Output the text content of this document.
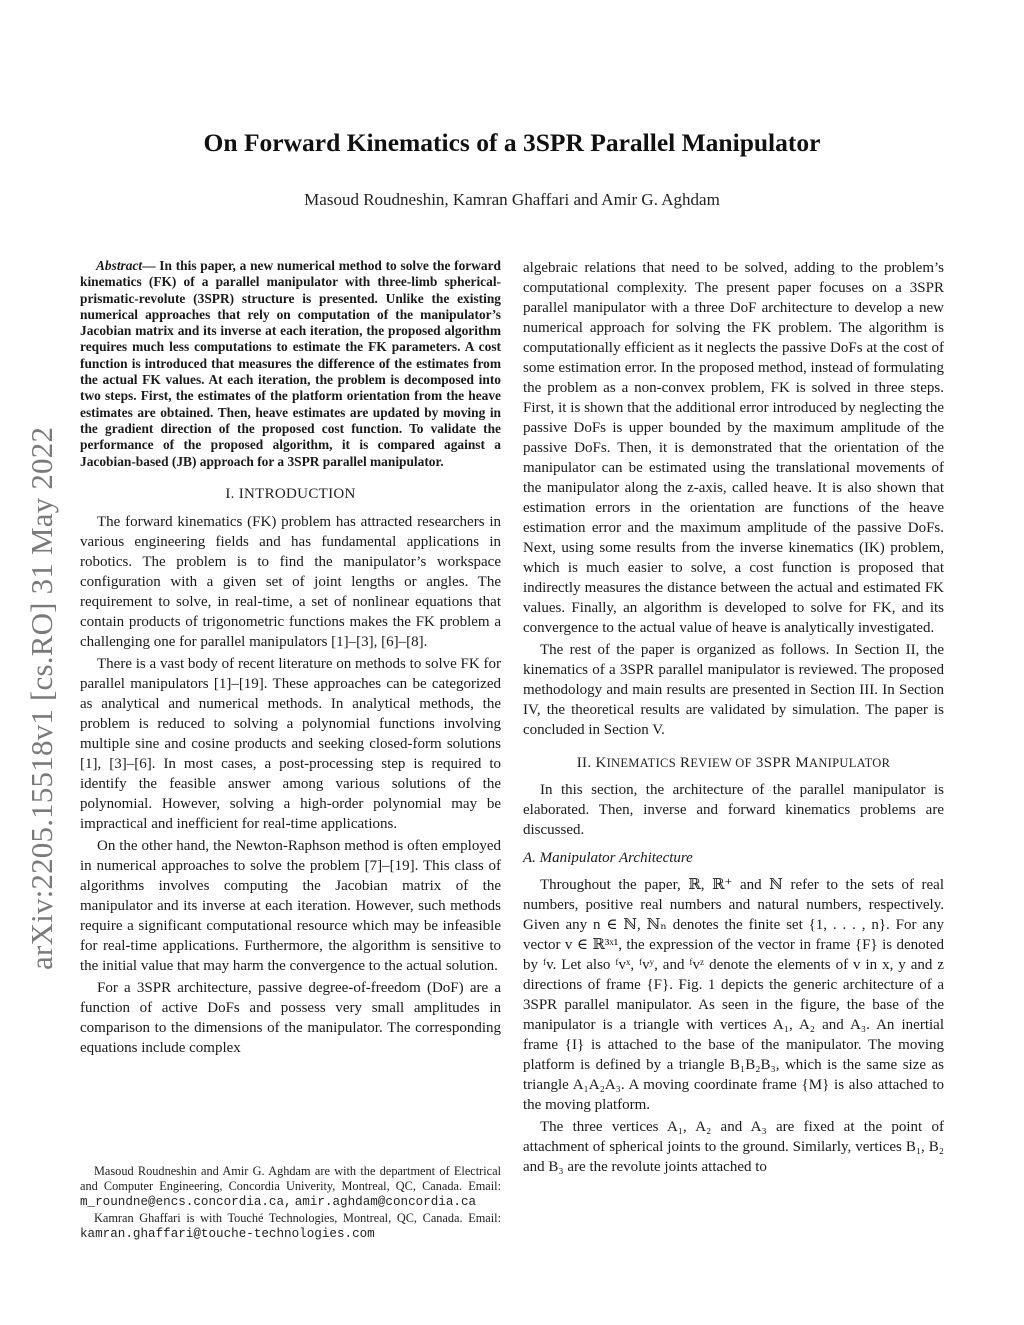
arXiv:2205.15518v1 [cs.RO] 31 May 2022
On Forward Kinematics of a 3SPR Parallel Manipulator
Masoud Roudneshin, Kamran Ghaffari and Amir G. Aghdam

Abstract— In this paper, a new numerical method to solve the forward kinematics (FK) of a parallel manipulator with three-limb spherical-prismatic-revolute (3SPR) structure is presented. Unlike the existing numerical approaches that rely on computation of the manipulator’s Jacobian matrix and its inverse at each iteration, the proposed algorithm requires much less computations to estimate the FK parameters. A cost function is introduced that measures the difference of the estimates from the actual FK values. At each iteration, the problem is decomposed into two steps. First, the estimates of the platform orientation from the heave estimates are obtained. Then, heave estimates are updated by moving in the gradient direction of the proposed cost function. To validate the performance of the proposed algorithm, it is compared against a Jacobian-based (JB) approach for a 3SPR parallel manipulator.

I. INTRODUCTION

The forward kinematics (FK) problem has attracted researchers in various engineering fields and has fundamental applications in robotics. The problem is to find the manipulator’s workspace configuration with a given set of joint lengths or angles. The requirement to solve, in real-time, a set of nonlinear equations that contain products of trigonometric functions makes the FK problem a challenging one for parallel manipulators [1]–[3], [6]–[8].

There is a vast body of recent literature on methods to solve FK for parallel manipulators [1]–[19]. These approaches can be categorized as analytical and numerical methods. In analytical methods, the problem is reduced to solving a polynomial functions involving multiple sine and cosine products and seeking closed-form solutions [1], [3]–[6]. In most cases, a post-processing step is required to identify the feasible answer among various solutions of the polynomial. However, solving a high-order polynomial may be impractical and inefficient for real-time applications.

On the other hand, the Newton-Raphson method is often employed in numerical approaches to solve the problem [7]–[19]. This class of algorithms involves computing the Jacobian matrix of the manipulator and its inverse at each iteration. However, such methods require a significant computational resource which may be infeasible for real-time applications. Furthermore, the algorithm is sensitive to the initial value that may harm the convergence to the actual solution.

For a 3SPR architecture, passive degree-of-freedom (DoF) are a function of active DoFs and possess very small amplitudes in comparison to the dimensions of the manipulator. The corresponding equations include complex

Masoud Roudneshin and Amir G. Aghdam are with the department of Electrical and Computer Engineering, Concordia Univerity, Montreal, QC, Canada. Email: m_roundne@encs.concordia.ca, amir.aghdam@concordia.ca

Kamran Ghaffari is with Touché Technologies, Montreal, QC, Canada. Email: kamran.ghaffari@touche-technologies.com

algebraic relations that need to be solved, adding to the problem’s computational complexity. The present paper focuses on a 3SPR parallel manipulator with a three DoF architecture to develop a new numerical approach for solving the FK problem. The algorithm is computationally efficient as it neglects the passive DoFs at the cost of some estimation error. In the proposed method, instead of formulating the problem as a non-convex problem, FK is solved in three steps. First, it is shown that the additional error introduced by neglecting the passive DoFs is upper bounded by the maximum amplitude of the passive DoFs. Then, it is demonstrated that the orientation of the manipulator can be estimated using the translational movements of the manipulator along the z-axis, called heave. It is also shown that estimation errors in the orientation are functions of the heave estimation error and the maximum amplitude of the passive DoFs. Next, using some results from the inverse kinematics (IK) problem, which is much easier to solve, a cost function is proposed that indirectly measures the distance between the actual and estimated FK values. Finally, an algorithm is developed to solve for FK, and its convergence to the actual value of heave is analytically investigated.

The rest of the paper is organized as follows. In Section II, the kinematics of a 3SPR parallel manipulator is reviewed. The proposed methodology and main results are presented in Section III. In Section IV, the theoretical results are validated by simulation. The paper is concluded in Section V.

II. KINEMATICS REVIEW OF 3SPR MANIPULATOR

In this section, the architecture of the parallel manipulator is elaborated. Then, inverse and forward kinematics problems are discussed.

A. Manipulator Architecture

Throughout the paper, ℝ, ℝ⁺ and ℕ refer to the sets of real numbers, positive real numbers and natural numbers, respectively. Given any n ∈ ℕ, ℕₙ denotes the finite set {1, . . . , n}. For any vector v ∈ ℝ³ˣ¹, the expression of the vector in frame {F} is denoted by ᶠv. Let also ᶠvˣ, ᶠvʸ, and ᶠvᶻ denote the elements of v in x, y and z directions of frame {F}. Fig. 1 depicts the generic architecture of a 3SPR parallel manipulator. As seen in the figure, the base of the manipulator is a triangle with vertices A₁, A₂ and A₃. An inertial frame {I} is attached to the base of the manipulator. The moving platform is defined by a triangle B₁B₂B₃, which is the same size as triangle A₁A₂A₃. A moving coordinate frame {M} is also attached to the moving platform.

The three vertices A₁, A₂ and A₃ are fixed at the point of attachment of spherical joints to the ground. Similarly, vertices B₁, B₂ and B₃ are the revolute joints attached to
